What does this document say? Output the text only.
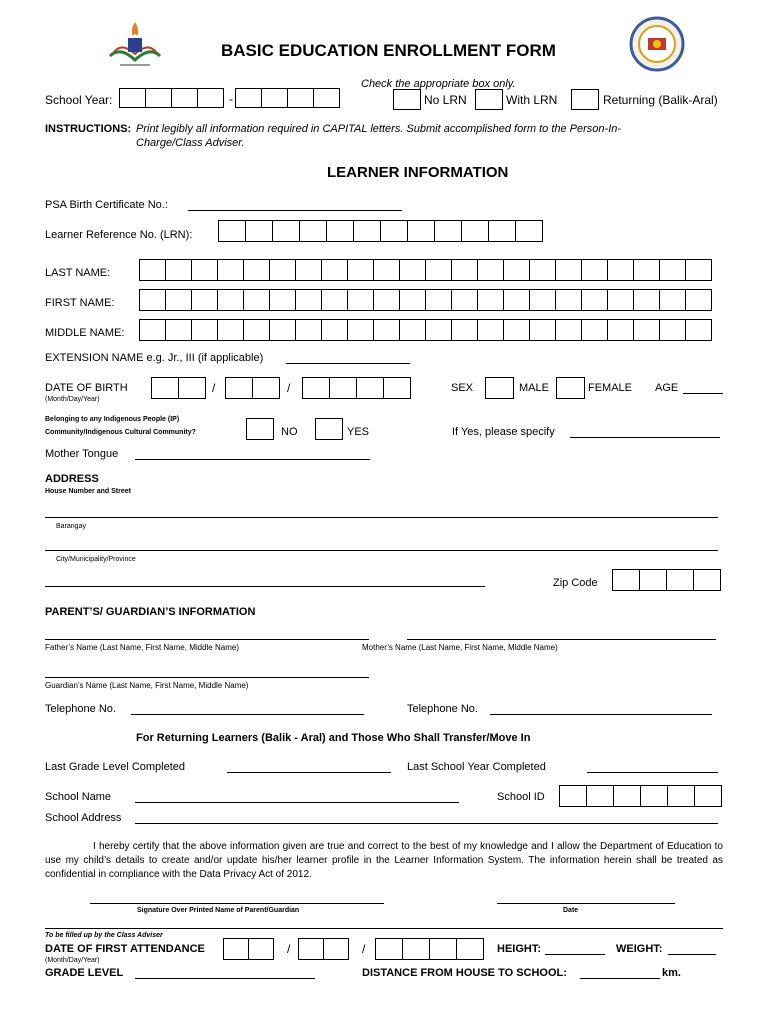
BASIC EDUCATION ENROLLMENT FORM
Check the appropriate box only.
School Year:	-	No LRN	With LRN	Returning (Balik-Aral)
INSTRUCTIONS: Print legibly all information required in CAPITAL letters. Submit accomplished form to the Person-In-
Charge/Class Adviser.
LEARNER INFORMATION
PSA Birth Certificate No.:
Learner Reference No. (LRN):
LAST NAME:
FIRST NAME:
MIDDLE NAME:
EXTENSION NAME e.g. Jr., III (if applicable)
DATE OF BIRTH
(Month/Day/Year)
/	/	SEX	MALE	FEMALE AGE
Belonging to any Indigenous People (IP)
Community/Indigenous Cultural Community?	NO	YES	If Yes, please specify
Mother Tongue
ADDRESS
House Number and Street
Barangay
City/Municipality/Province
Zip Code
PARENT’S/ GUARDIAN’S INFORMATION
Father’s Name (Last Name, First Name, Middle Name)	Mother’s Name (Last Name, First Name, Middle Name)
Guardian’s Name (Last Name, First Name, Middle Name)
Telephone No.	Telephone No.
For Returning Learners (Balik - Aral) and Those Who Shall Transfer/Move In
Last Grade Level Completed	Last School Year Completed
School Name	School ID
School Address
I hereby certify that the above information given are true and correct to the best of my knowledge and I allow the Department of Education to use my child’s details to create and/or update his/her learner profile in the Learner Information System. The information herein shall be treated as confidential in compliance with the Data Privacy Act of 2012.
Signature Over Printed Name of Parent/Guardian	Date
To be filled up by the Class Adviser
DATE OF FIRST ATTENDANCE
(Month/Day/Year)
/	/	HEIGHT:	WEIGHT:
GRADE LEVEL	DISTANCE FROM HOUSE TO SCHOOL:	km.
